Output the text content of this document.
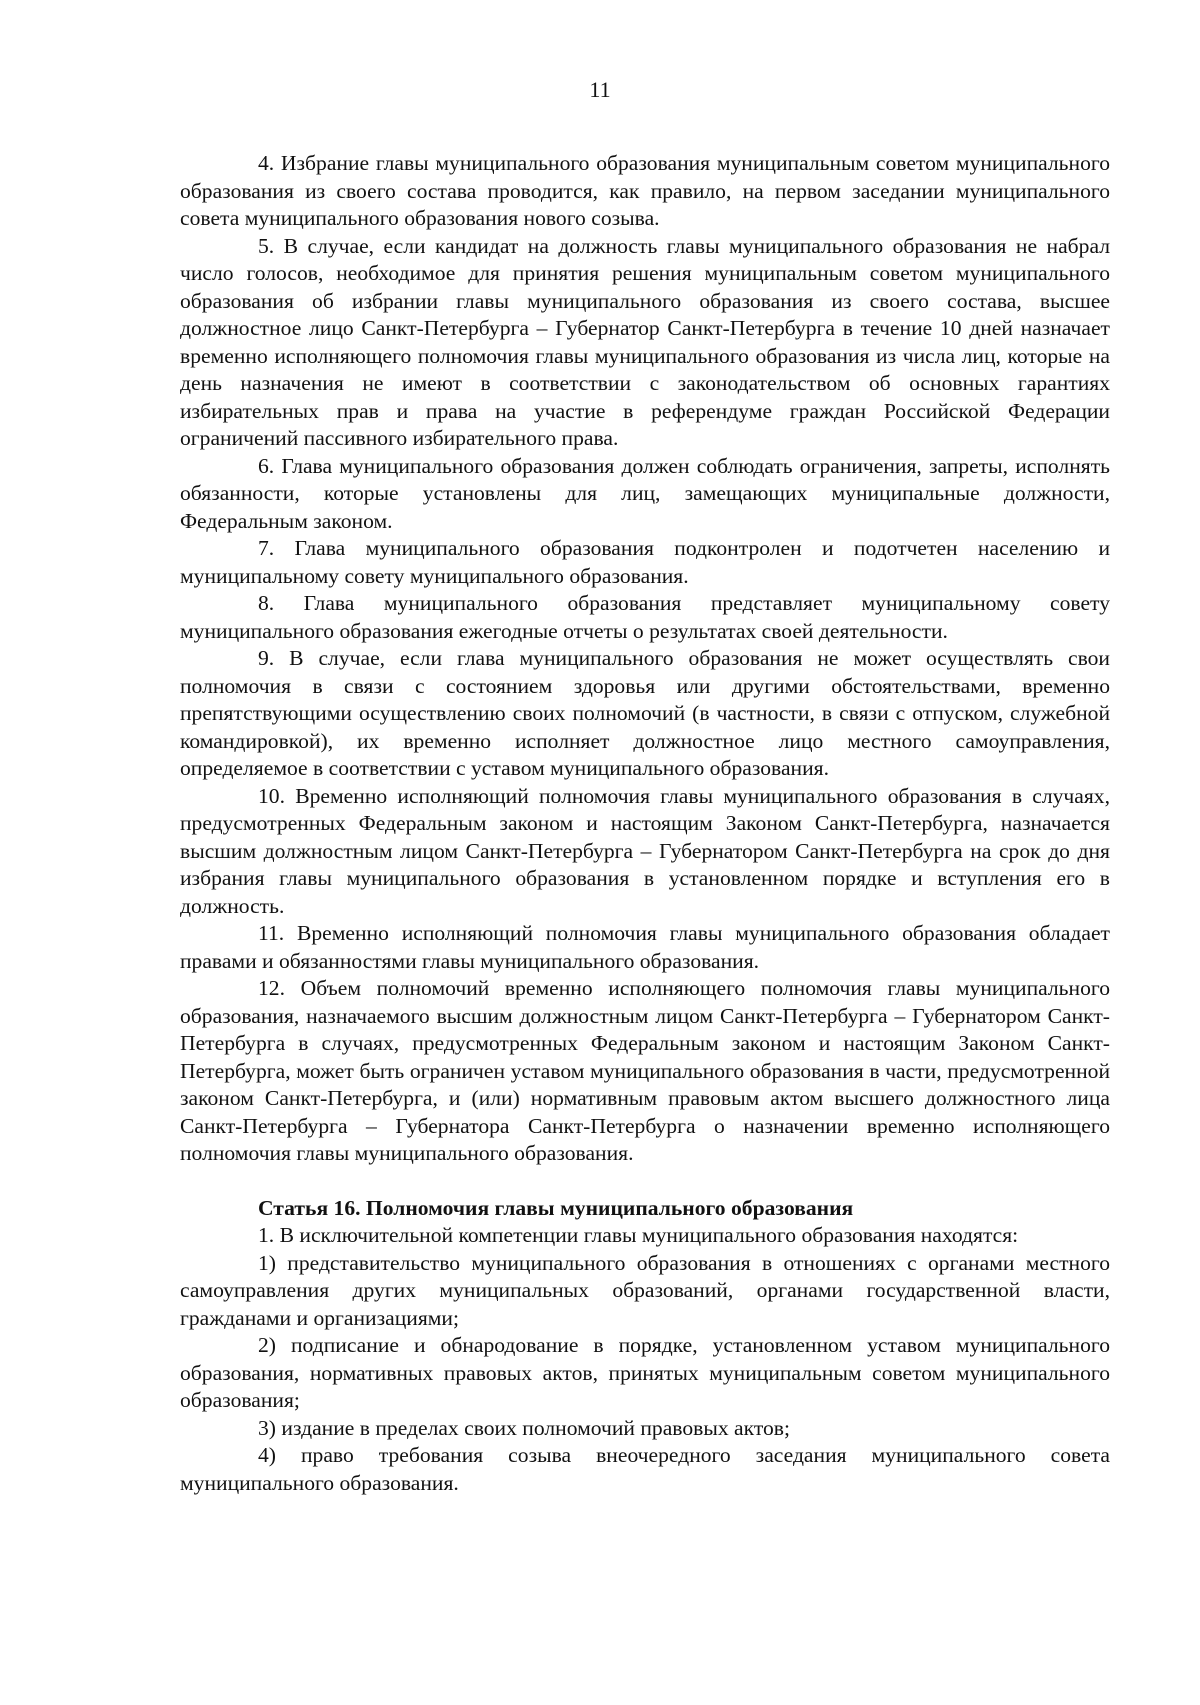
11

4. Избрание главы муниципального образования муниципальным советом муниципального образования из своего состава проводится, как правило, на первом заседании муниципального совета муниципального образования нового созыва.

5. В случае, если кандидат на должность главы муниципального образования не набрал число голосов, необходимое для принятия решения муниципальным советом муниципального образования об избрании главы муниципального образования из своего состава, высшее должностное лицо Санкт-Петербурга – Губернатор Санкт-Петербурга в течение 10 дней назначает временно исполняющего полномочия главы муниципального образования из числа лиц, которые на день назначения не имеют в соответствии с законодательством об основных гарантиях избирательных прав и права на участие в референдуме граждан Российской Федерации ограничений пассивного избирательного права.

6. Глава муниципального образования должен соблюдать ограничения, запреты, исполнять обязанности, которые установлены для лиц, замещающих муниципальные должности, Федеральным законом.

7. Глава муниципального образования подконтролен и подотчетен населению и муниципальному совету муниципального образования.

8. Глава муниципального образования представляет муниципальному совету муниципального образования ежегодные отчеты о результатах своей деятельности.

9. В случае, если глава муниципального образования не может осуществлять свои полномочия в связи с состоянием здоровья или другими обстоятельствами, временно препятствующими осуществлению своих полномочий (в частности, в связи с отпуском, служебной командировкой), их временно исполняет должностное лицо местного самоуправления, определяемое в соответствии с уставом муниципального образования.

10. Временно исполняющий полномочия главы муниципального образования в случаях, предусмотренных Федеральным законом и настоящим Законом Санкт-Петербурга, назначается высшим должностным лицом Санкт-Петербурга – Губернатором Санкт-Петербурга на срок до дня избрания главы муниципального образования в установленном порядке и вступления его в должность.

11. Временно исполняющий полномочия главы муниципального образования обладает правами и обязанностями главы муниципального образования.

12. Объем полномочий временно исполняющего полномочия главы муниципального образования, назначаемого высшим должностным лицом Санкт-Петербурга – Губернатором Санкт-Петербурга в случаях, предусмотренных Федеральным законом и настоящим Законом Санкт-Петербурга, может быть ограничен уставом муниципального образования в части, предусмотренной законом Санкт-Петербурга, и (или) нормативным правовым актом высшего должностного лица Санкт-Петербурга – Губернатора Санкт-Петербурга о назначении временно исполняющего полномочия главы муниципального образования.

Статья 16. Полномочия главы муниципального образования

1. В исключительной компетенции главы муниципального образования находятся:

1) представительство муниципального образования в отношениях с органами местного самоуправления других муниципальных образований, органами государственной власти, гражданами и организациями;

2) подписание и обнародование в порядке, установленном уставом муниципального образования, нормативных правовых актов, принятых муниципальным советом муниципального образования;

3) издание в пределах своих полномочий правовых актов;

4) право требования созыва внеочередного заседания муниципального совета муниципального образования.
